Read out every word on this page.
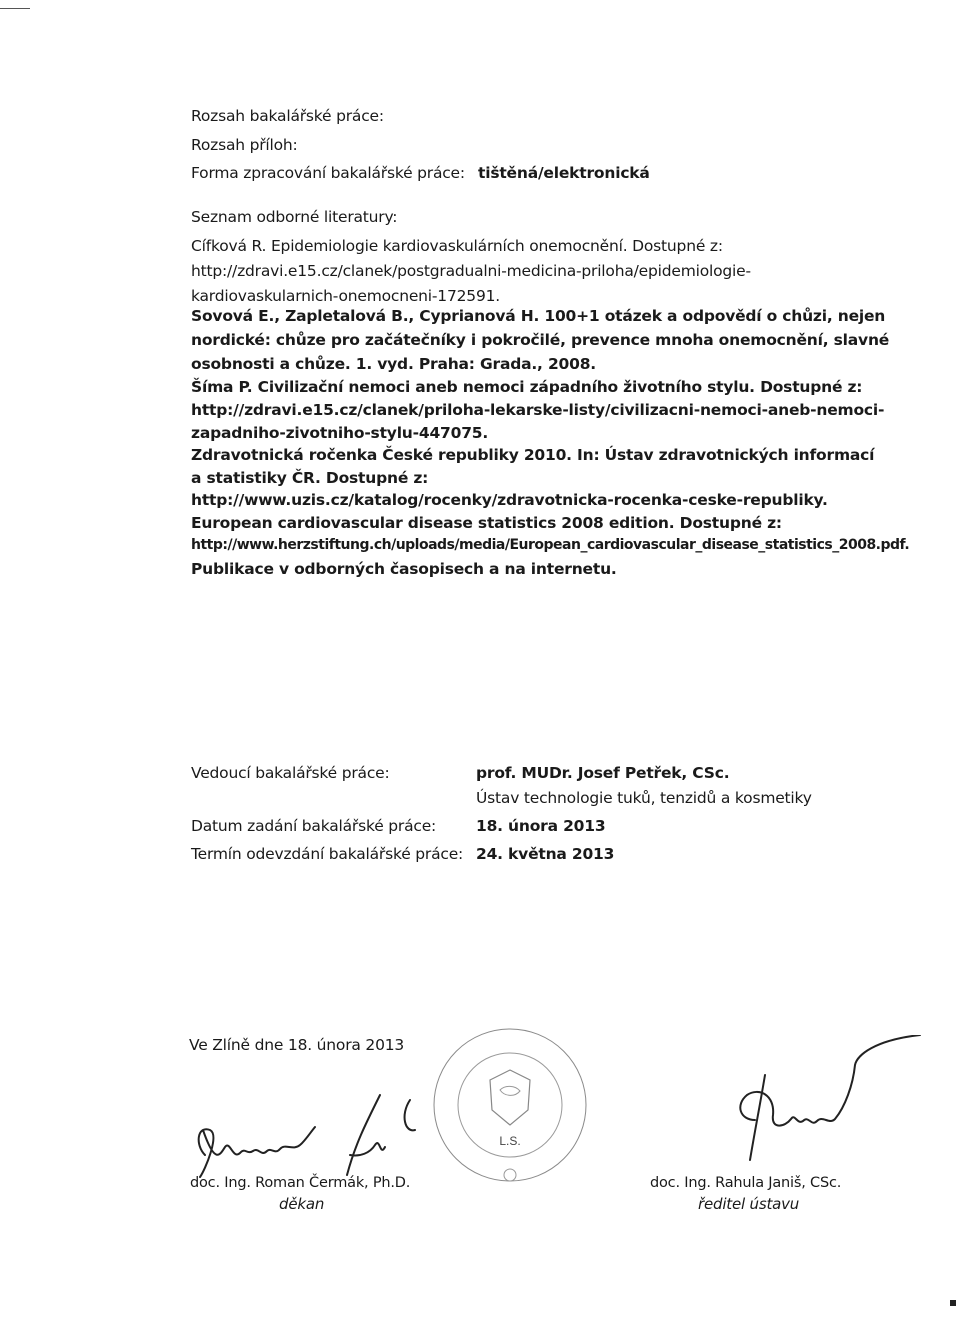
Rozsah bakalářské práce:
Rozsah příloh:
Forma zpracování bakalářské práce: tištěná/elektronická
Seznam odborné literatury:
Cífková R. Epidemiologie kardiovaskulárních onemocnění. Dostupné z:
http://zdravi.e15.cz/clanek/postgradualni-medicina-priloha/epidemiologie-
kardiovaskularnich-onemocneni-172591.
Sovová E., Zapletalová B., Cyprianová H. 100+1 otázek a odpovědí o chůzi, nejen
nordické: chůze pro začátečníky i pokročilé, prevence mnoha onemocnění, slavné
osobnosti a chůze. 1. vyd. Praha: Grada., 2008.
Šíma P. Civilizační nemoci aneb nemoci západního životního stylu. Dostupné z:
http://zdravi.e15.cz/clanek/priloha-lekarske-listy/civilizacni-nemoci-aneb-nemoci-
zapadniho-zivotniho-stylu-447075.
Zdravotnická ročenka České republiky 2010. In: Ústav zdravotnických informací
a statistiky ČR. Dostupné z:
http://www.uzis.cz/katalog/rocenky/zdravotnicka-rocenka-ceske-republiky.
European cardiovascular disease statistics 2008 edition. Dostupné z:
http://www.herzstiftung.ch/uploads/media/European_cardiovascular_disease_statistics_2008.pdf.
Publikace v odborných časopisech a na internetu.
Vedoucí bakalářské práce:	prof. MUDr. Josef Petřek, CSc.
Ústav technologie tuků, tenzidů a kosmetiky
Datum zadání bakalářské práce:	18. února 2013
Termín odevzdání bakalářské práce: 24. května 2013
Ve Zlíně dne 18. února 2013
L.S.
doc. Ing. Roman Čermák, Ph.D.
děkan
doc. Ing. Rahula Janiš, CSc.
ředitel ústavu
